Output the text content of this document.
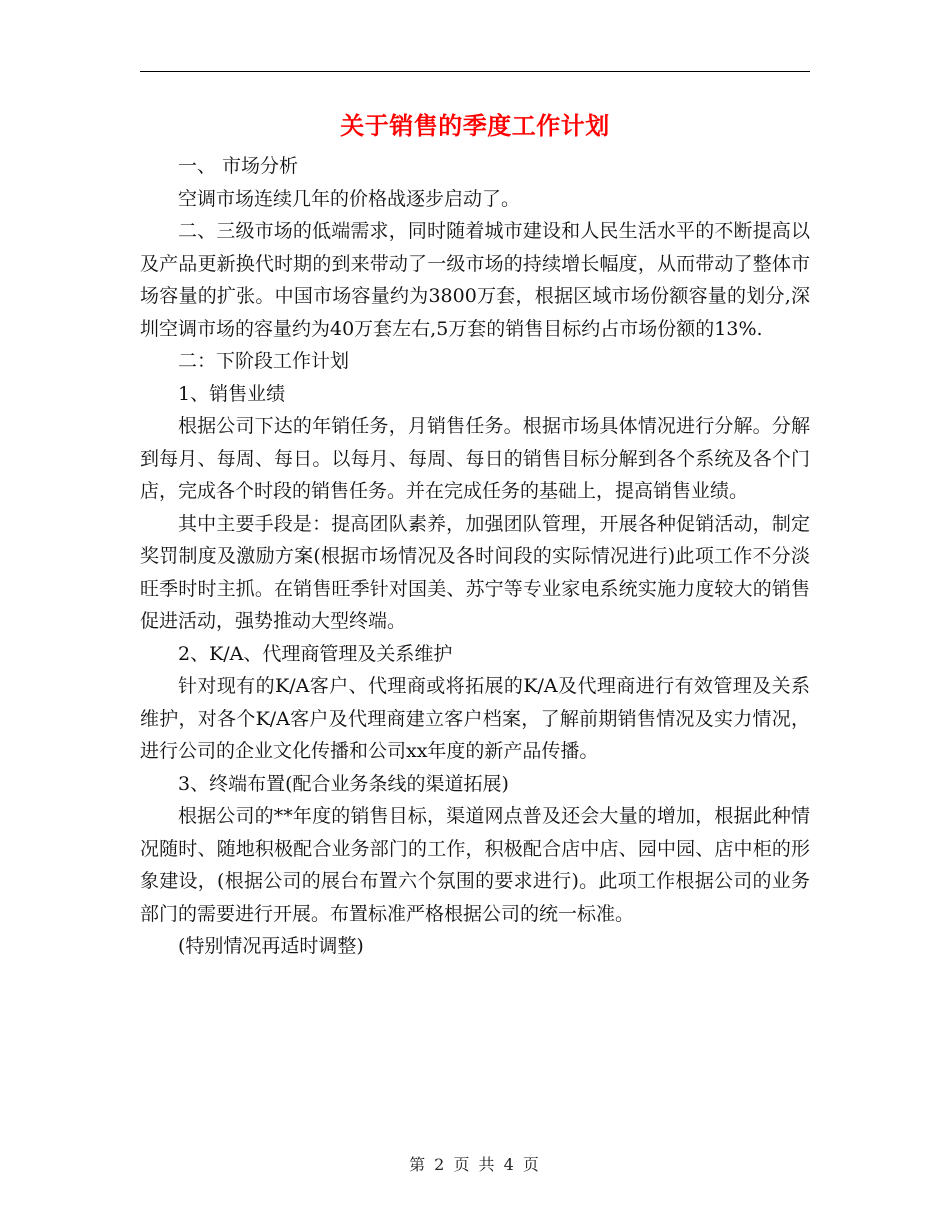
关于销售的季度工作计划

一、 市场分析

空调市场连续几年的价格战逐步启动了。

二、三级市场的低端需求，同时随着城市建设和人民生活水平的不断提高以及产品更新换代时期的到来带动了一级市场的持续增长幅度，从而带动了整体市场容量的扩张。中国市场容量约为3800万套，根据区域市场份额容量的划分,深圳空调市场的容量约为40万套左右,5万套的销售目标约占市场份额的13%.

二：下阶段工作计划

1、销售业绩

根据公司下达的年销任务，月销售任务。根据市场具体情况进行分解。分解到每月、每周、每日。以每月、每周、每日的销售目标分解到各个系统及各个门店，完成各个时段的销售任务。并在完成任务的基础上，提高销售业绩。

其中主要手段是：提高团队素养，加强团队管理，开展各种促销活动，制定奖罚制度及激励方案(根据市场情况及各时间段的实际情况进行)此项工作不分淡旺季时时主抓。在销售旺季针对国美、苏宁等专业家电系统实施力度较大的销售促进活动，强势推动大型终端。

2、K/A、代理商管理及关系维护

针对现有的K/A客户、代理商或将拓展的K/A及代理商进行有效管理及关系维护，对各个K/A客户及代理商建立客户档案，了解前期销售情况及实力情况，进行公司的企业文化传播和公司xx年度的新产品传播。

3、终端布置(配合业务条线的渠道拓展)

根据公司的**年度的销售目标，渠道网点普及还会大量的增加，根据此种情况随时、随地积极配合业务部门的工作，积极配合店中店、园中园、店中柜的形象建设，(根据公司的展台布置六个氛围的要求进行)。此项工作根据公司的业务部门的需要进行开展。布置标准严格根据公司的统一标准。

(特别情况再适时调整)

第 2 页 共 4 页
